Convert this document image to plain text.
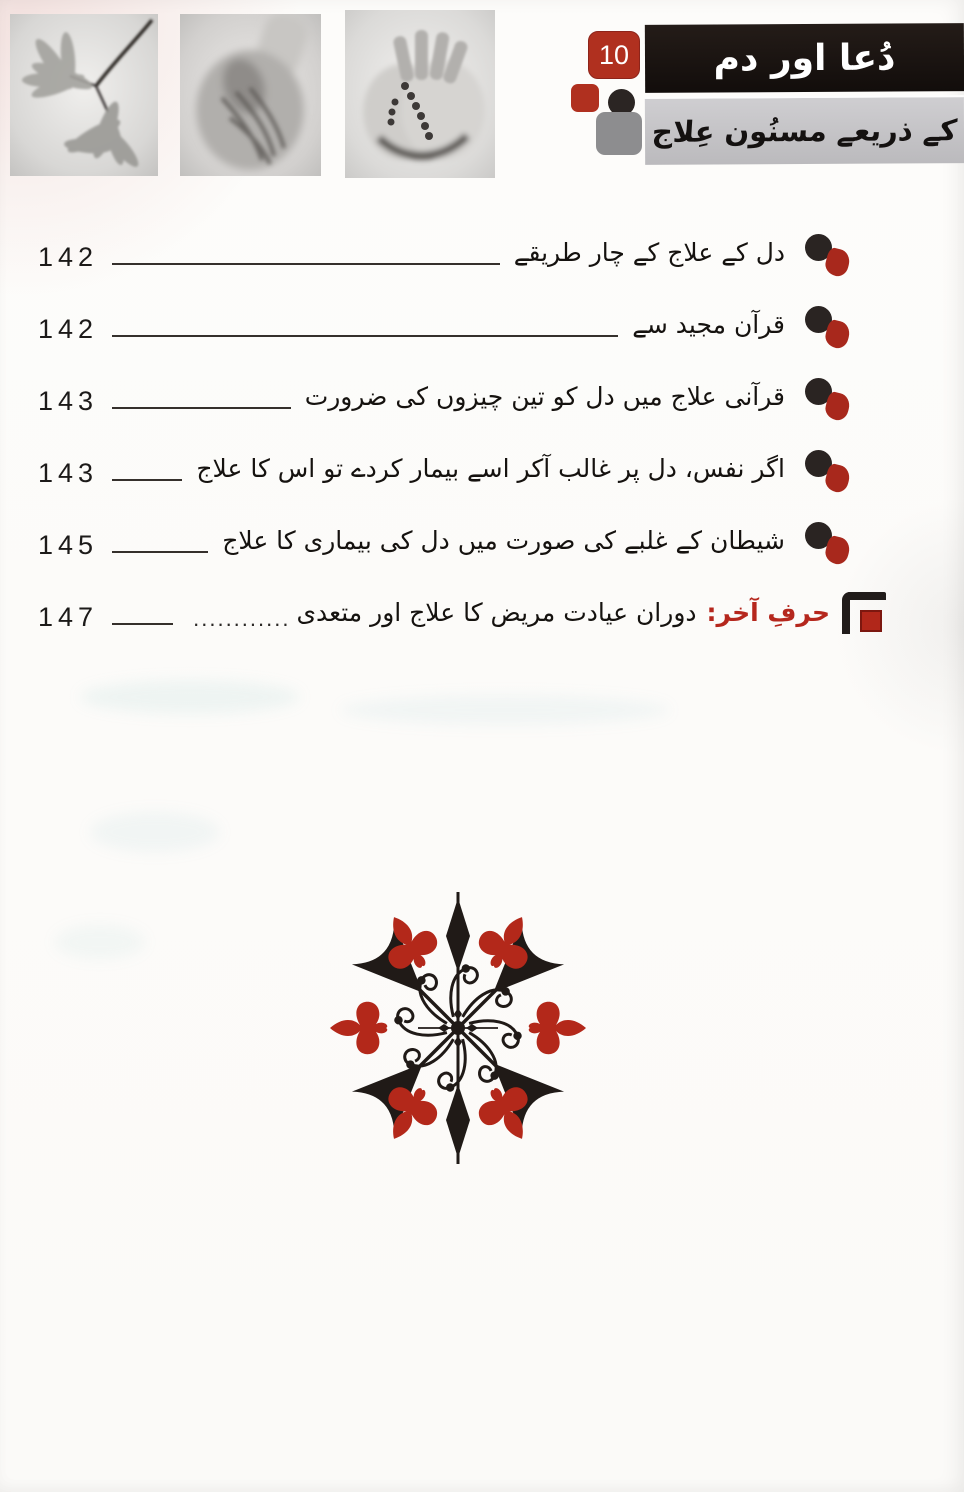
دُعا اور دم
کے ذریعے مسنُون عِلاج
10
دل کے علاج کے چار طریقے
142
قرآن مجید سے
142
قرآنی علاج میں دل کو تین چیزوں کی ضرورت
143
اگر نفس، دل پر غالب آکر اسے بیمار کردے تو اس کا علاج
143
شیطان کے غلبے کی صورت میں دل کی بیماری کا علاج
145
حرفِ آخر:
دوران عیادت مریض کا علاج اور متعدی
............
147
